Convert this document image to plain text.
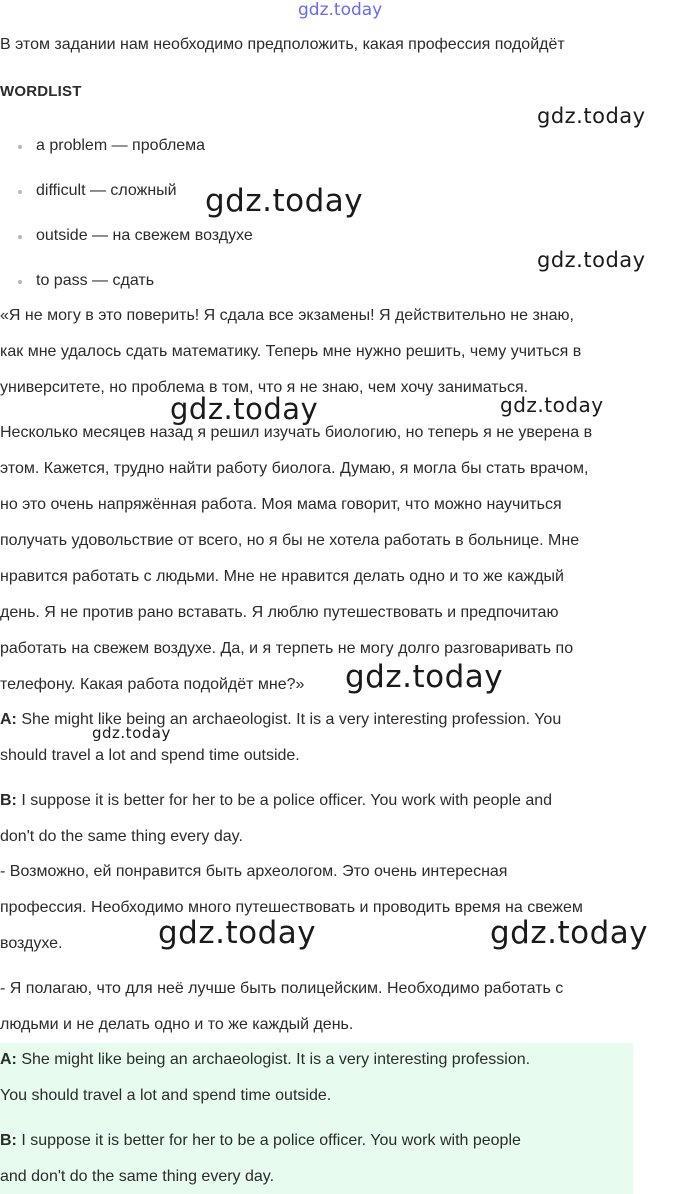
В этом задании нам необходимо предположить, какая профессия подойдёт
WORDLIST
a problem — проблема
difficult — сложный
outside — на свежем воздухе
to pass — сдать
«Я не могу в это поверить! Я сдала все экзамены! Я действительно не знаю,
как мне удалось сдать математику. Теперь мне нужно решить, чему учиться в
университете, но проблема в том, что я не знаю, чем хочу заниматься.
Несколько месяцев назад я решил изучать биологию, но теперь я не уверена в
этом. Кажется, трудно найти работу биолога. Думаю, я могла бы стать врачом,
но это очень напряжённая работа. Моя мама говорит, что можно научиться
получать удовольствие от всего, но я бы не хотела работать в больнице. Мне
нравится работать с людьми. Мне не нравится делать одно и то же каждый
день. Я не против рано вставать. Я люблю путешествовать и предпочитаю
работать на свежем воздухе. Да, и я терпеть не могу долго разговаривать по
телефону. Какая работа подойдёт мне?»
A: She might like being an archaeologist. It is a very interesting profession. You
should travel a lot and spend time outside.
B: I suppose it is better for her to be a police officer. You work with people and
don't do the same thing every day.
- Возможно, ей понравится быть археологом. Это очень интересная
профессия. Необходимо много путешествовать и проводить время на свежем
воздухе.
- Я полагаю, что для неё лучше быть полицейским. Необходимо работать с
людьми и не делать одно и то же каждый день.
A: She might like being an archaeologist. It is a very interesting profession.
You should travel a lot and spend time outside.
B: I suppose it is better for her to be a police officer. You work with people
and don't do the same thing every day.
gdz.today
gdz.today
gdz.today
gdz.today
gdz.today	gdz.today
gdz.today
gdz.today
gdz.today	gdz.today
